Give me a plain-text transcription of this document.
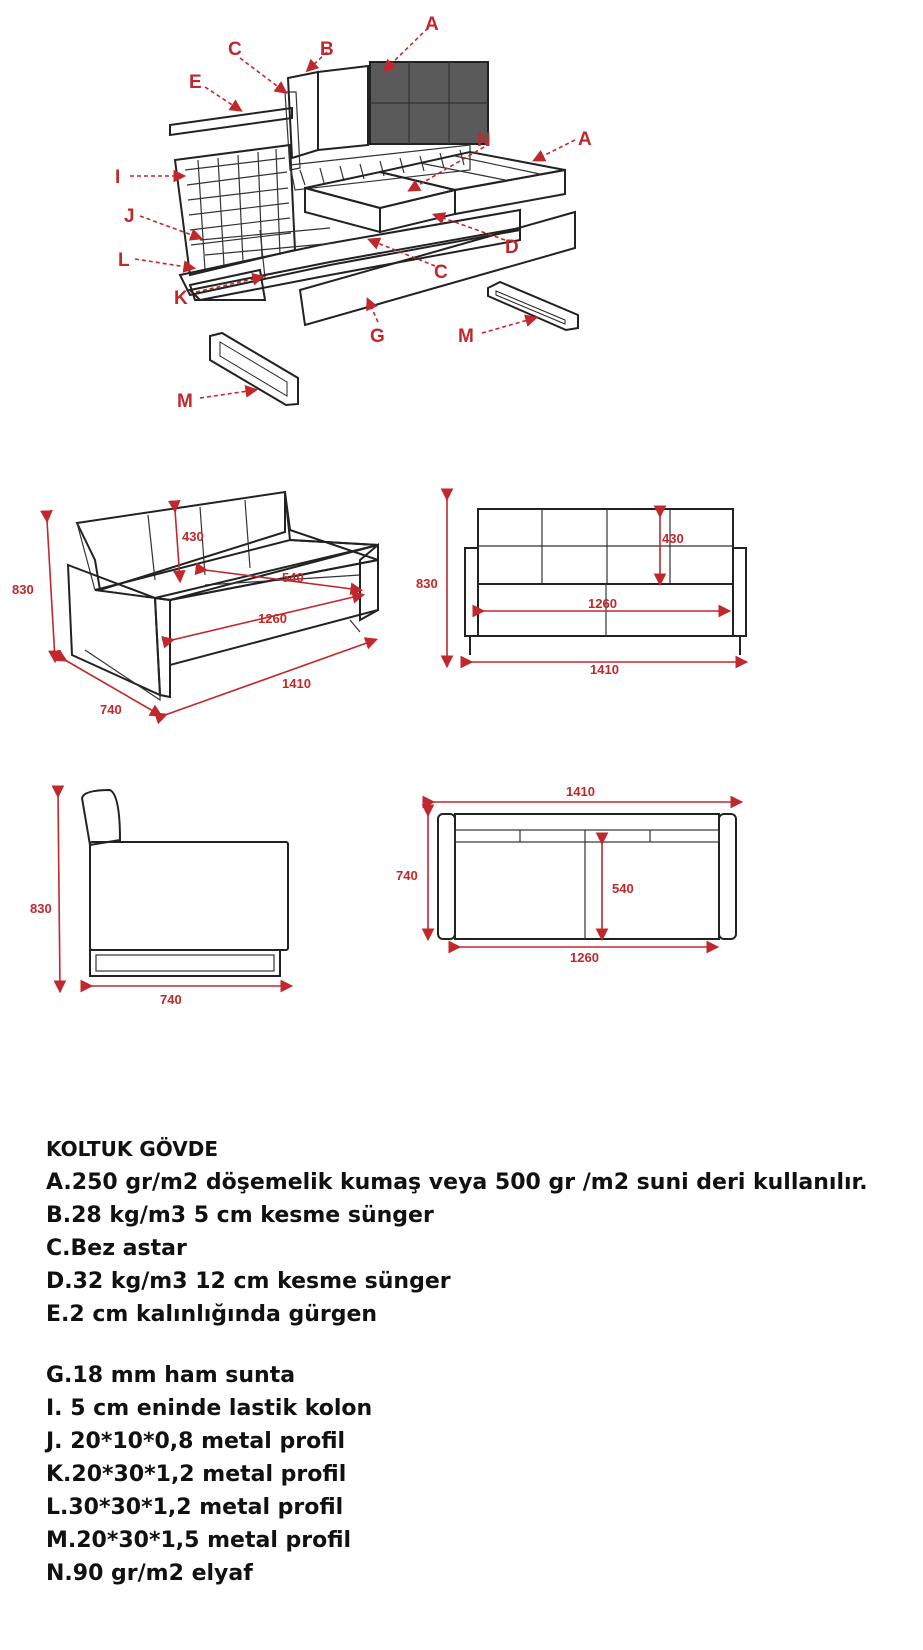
A
B
C
E
N	A
I
J
L
K
D
C
G	M
M
830
430
540
1260
1410
740
830
430
1260
1410
830
740
1410
740
540
1260
KOLTUK GÖVDE
A.250 gr/m2 döşemelik kumaş veya 500 gr /m2 suni deri kullanılır.
B.28 kg/m3 5 cm kesme sünger
C.Bez astar
D.32 kg/m3 12 cm kesme sünger
E.2 cm kalınlığında gürgen
G.18 mm ham sunta
I. 5 cm eninde lastik kolon
J. 20*10*0,8 metal profil
K.20*30*1,2 metal profil
L.30*30*1,2 metal profil
M.20*30*1,5 metal profil
N.90 gr/m2 elyaf
